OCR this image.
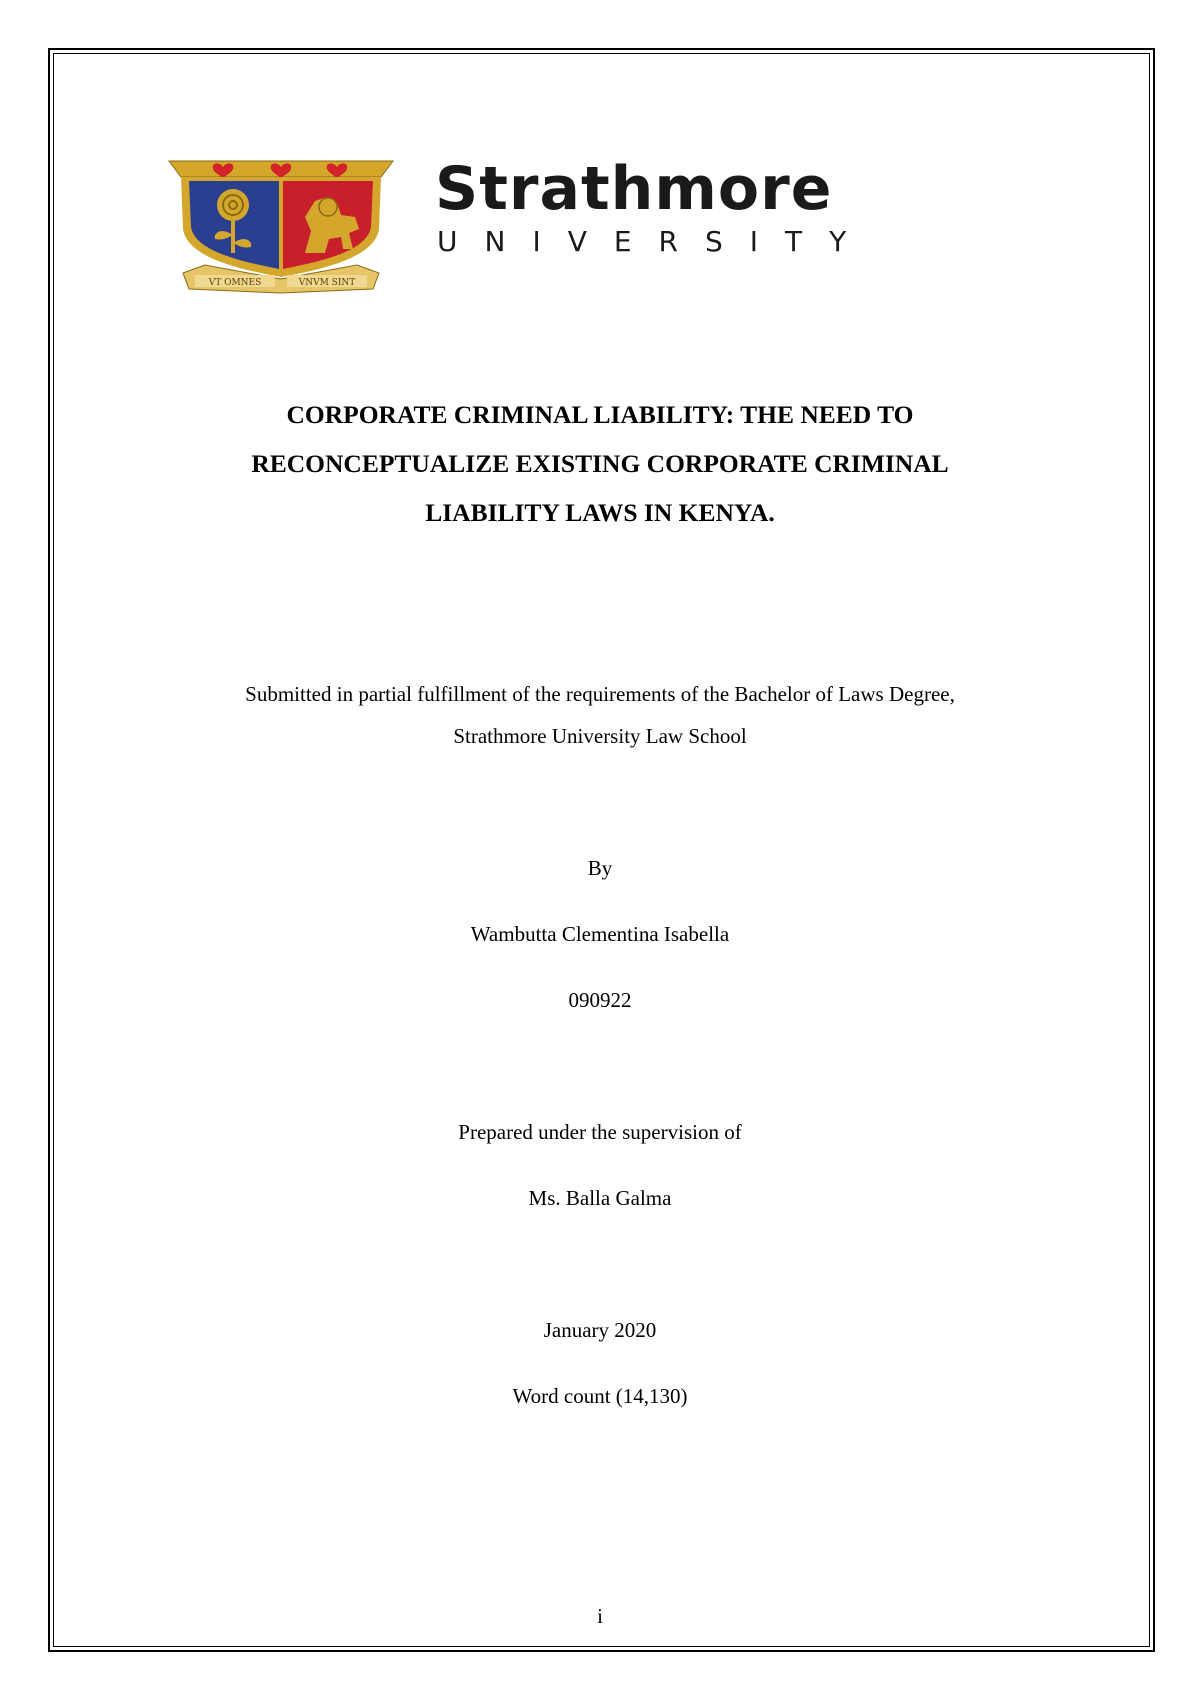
VT OMNES	VNVM SINT
Strathmore
UNIVERSITY
CORPORATE CRIMINAL LIABILITY: THE NEED TO
RECONCEPTUALIZE EXISTING CORPORATE CRIMINAL
LIABILITY LAWS IN KENYA.
Submitted in partial fulfillment of the requirements of the Bachelor of Laws Degree,
Strathmore University Law School
By
Wambutta Clementina Isabella
090922
Prepared under the supervision of
Ms. Balla Galma
January 2020
Word count (14,130)
i
